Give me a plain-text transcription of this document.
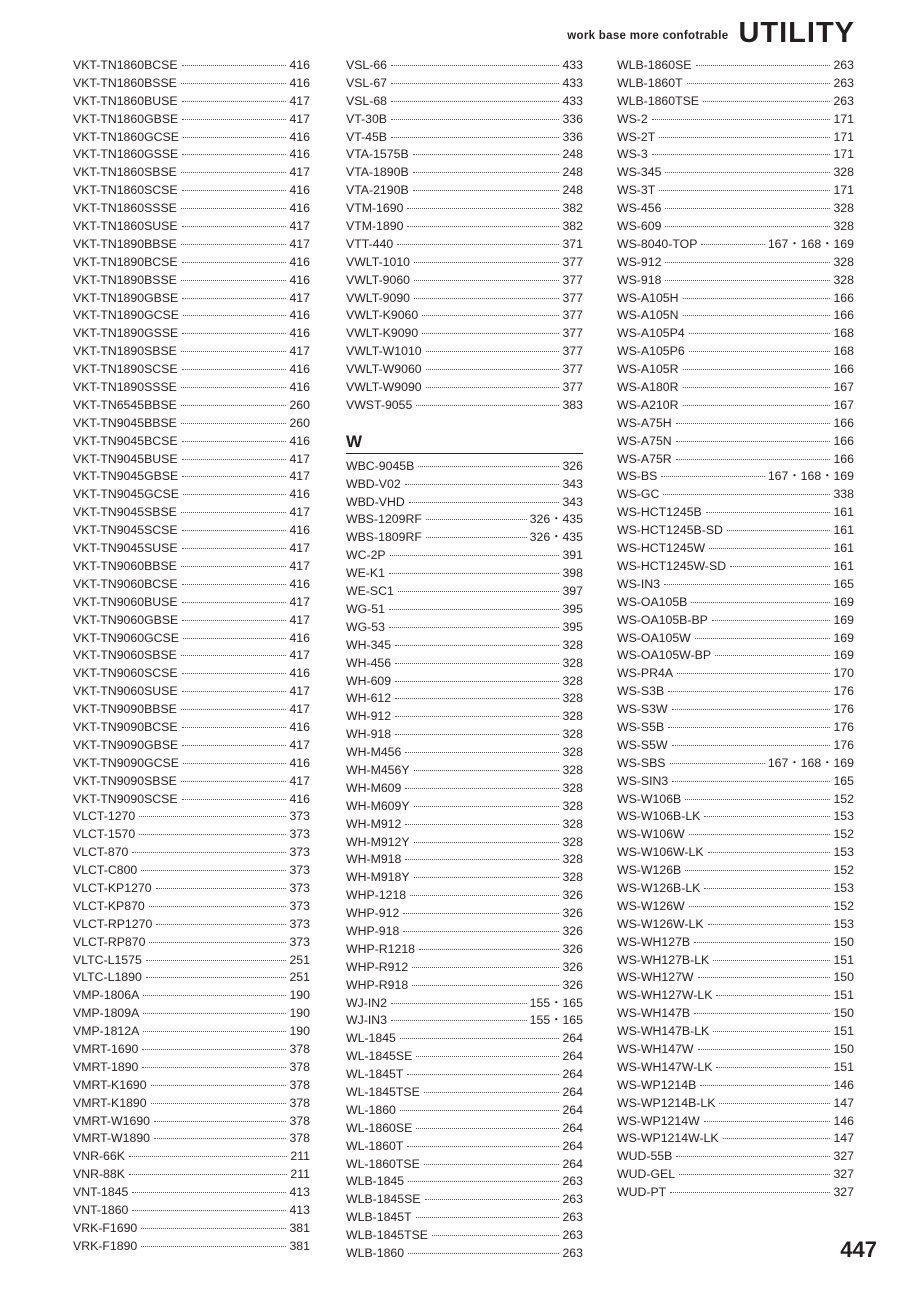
work base more confotrable UTILITY
VKT-TN1860BCSE	416
VKT-TN1860BSSE	416
VKT-TN1860BUSE	417
VKT-TN1860GBSE	417
VKT-TN1860GCSE	416
VKT-TN1860GSSE	416
VKT-TN1860SBSE	417
VKT-TN1860SCSE	416
VKT-TN1860SSSE	416
VKT-TN1860SUSE	417
VKT-TN1890BBSE	417
VKT-TN1890BCSE	416
VKT-TN1890BSSE	416
VKT-TN1890GBSE	417
VKT-TN1890GCSE	416
VKT-TN1890GSSE	416
VKT-TN1890SBSE	417
VKT-TN1890SCSE	416
VKT-TN1890SSSE	416
VKT-TN6545BBSE	260
VKT-TN9045BBSE	260
VKT-TN9045BCSE	416
VKT-TN9045BUSE	417
VKT-TN9045GBSE	417
VKT-TN9045GCSE	416
VKT-TN9045SBSE	417
VKT-TN9045SCSE	416
VKT-TN9045SUSE	417
VKT-TN9060BBSE	417
VKT-TN9060BCSE	416
VKT-TN9060BUSE	417
VKT-TN9060GBSE	417
VKT-TN9060GCSE	416
VKT-TN9060SBSE	417
VKT-TN9060SCSE	416
VKT-TN9060SUSE	417
VKT-TN9090BBSE	417
VKT-TN9090BCSE	416
VKT-TN9090GBSE	417
VKT-TN9090GCSE	416
VKT-TN9090SBSE	417
VKT-TN9090SCSE	416
VLCT-1270	373
VLCT-1570	373
VLCT-870	373
VLCT-C800	373
VLCT-KP1270	373
VLCT-KP870	373
VLCT-RP1270	373
VLCT-RP870	373
VLTC-L1575	251
VLTC-L1890	251
VMP-1806A	190
VMP-1809A	190
VMP-1812A	190
VMRT-1690	378
VMRT-1890	378
VMRT-K1690	378
VMRT-K1890	378
VMRT-W1690	378
VMRT-W1890	378
VNR-66K	211
VNR-88K	211
VNT-1845	413
VNT-1860	413
VRK-F1690	381
VRK-F1890	381
VSL-66	433
VSL-67	433
VSL-68	433
VT-30B	336
VT-45B	336
VTA-1575B	248
VTA-1890B	248
VTA-2190B	248
VTM-1690	382
VTM-1890	382
VTT-440	371
VWLT-1010	377
VWLT-9060	377
VWLT-9090	377
VWLT-K9060	377
VWLT-K9090	377
VWLT-W1010	377
VWLT-W9060	377
VWLT-W9090	377
VWST-9055	383
W
WBC-9045B	326
WBD-V02	343
WBD-VHD	343
WBS-1209RF	326・435
WBS-1809RF	326・435
WC-2P	391
WE-K1	398
WE-SC1	397
WG-51	395
WG-53	395
WH-345	328
WH-456	328
WH-609	328
WH-612	328
WH-912	328
WH-918	328
WH-M456	328
WH-M456Y	328
WH-M609	328
WH-M609Y	328
WH-M912	328
WH-M912Y	328
WH-M918	328
WH-M918Y	328
WHP-1218	326
WHP-912	326
WHP-918	326
WHP-R1218	326
WHP-R912	326
WHP-R918	326
WJ-IN2	155・165
WJ-IN3	155・165
WL-1845	264
WL-1845SE	264
WL-1845T	264
WL-1845TSE	264
WL-1860	264
WL-1860SE	264
WL-1860T	264
WL-1860TSE	264
WLB-1845	263
WLB-1845SE	263
WLB-1845T	263
WLB-1845TSE	263
WLB-1860	263
WLB-1860SE	263
WLB-1860T	263
WLB-1860TSE	263
WS-2	171
WS-2T	171
WS-3	171
WS-345	328
WS-3T	171
WS-456	328
WS-609	328
WS-8040-TOP	167・168・169
WS-912	328
WS-918	328
WS-A105H	166
WS-A105N	166
WS-A105P4	168
WS-A105P6	168
WS-A105R	166
WS-A180R	167
WS-A210R	167
WS-A75H	166
WS-A75N	166
WS-A75R	166
WS-BS	167・168・169
WS-GC	338
WS-HCT1245B	161
WS-HCT1245B-SD	161
WS-HCT1245W	161
WS-HCT1245W-SD	161
WS-IN3	165
WS-OA105B	169
WS-OA105B-BP	169
WS-OA105W	169
WS-OA105W-BP	169
WS-PR4A	170
WS-S3B	176
WS-S3W	176
WS-S5B	176
WS-S5W	176
WS-SBS	167・168・169
WS-SIN3	165
WS-W106B	152
WS-W106B-LK	153
WS-W106W	152
WS-W106W-LK	153
WS-W126B	152
WS-W126B-LK	153
WS-W126W	152
WS-W126W-LK	153
WS-WH127B	150
WS-WH127B-LK	151
WS-WH127W	150
WS-WH127W-LK	151
WS-WH147B	150
WS-WH147B-LK	151
WS-WH147W	150
WS-WH147W-LK	151
WS-WP1214B	146
WS-WP1214B-LK	147
WS-WP1214W	146
WS-WP1214W-LK	147
WUD-55B	327
WUD-GEL	327
WUD-PT	327
447
